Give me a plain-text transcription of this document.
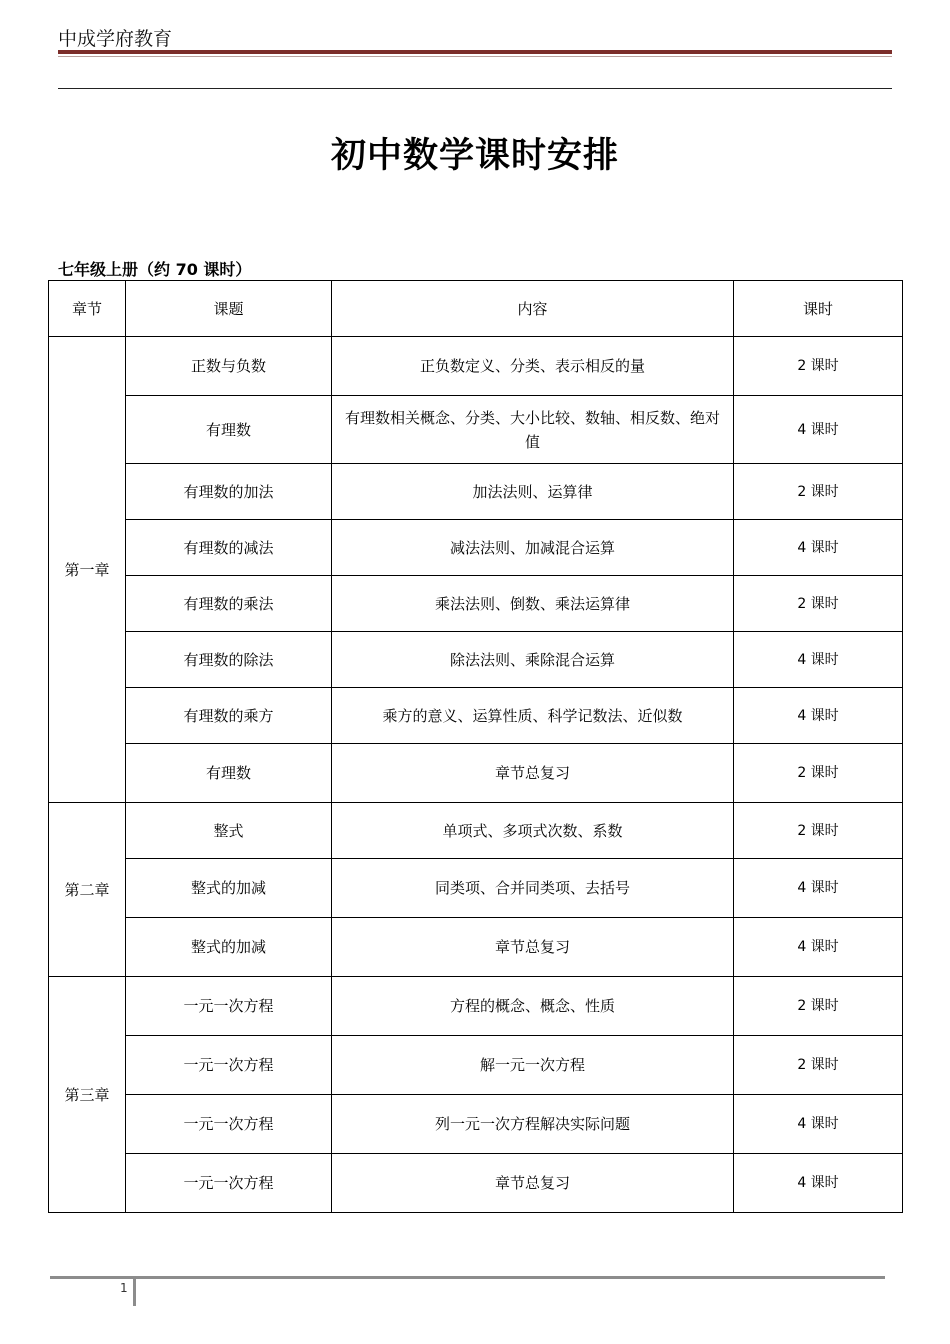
中成学府教育
初中数学课时安排
七年级上册（约 70 课时）
章节	课题	内容	课时
第一章	正数与负数	正负数定义、分类、表示相反的量	2 课时
	有理数	有理数相关概念、分类、大小比较、数轴、相反数、绝对值	4 课时
	有理数的加法	加法法则、运算律	2 课时
	有理数的减法	减法法则、加减混合运算	4 课时
	有理数的乘法	乘法法则、倒数、乘法运算律	2 课时
	有理数的除法	除法法则、乘除混合运算	4 课时
	有理数的乘方	乘方的意义、运算性质、科学记数法、近似数	4 课时
	有理数	章节总复习	2 课时
第二章	整式	单项式、多项式次数、系数	2 课时
	整式的加减	同类项、合并同类项、去括号	4 课时
	整式的加减	章节总复习	4 课时
第三章	一元一次方程	方程的概念、概念、性质	2 课时
	一元一次方程	解一元一次方程	2 课时
	一元一次方程	列一元一次方程解决实际问题	4 课时
	一元一次方程	章节总复习	4 课时
1
